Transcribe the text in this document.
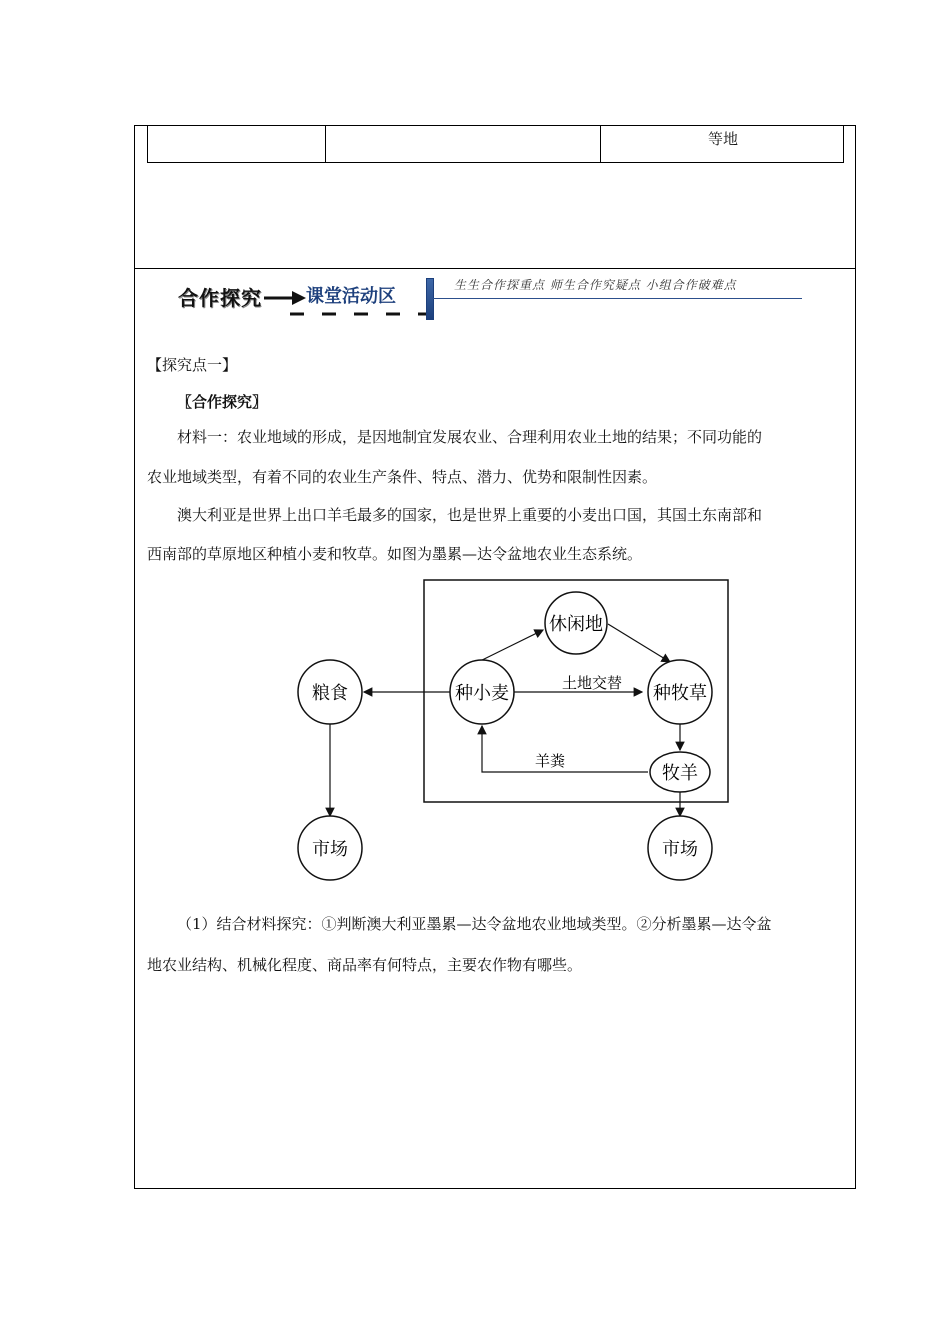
等地
合作探究 课堂活动区
生生合作探重点 师生合作究疑点 小组合作破难点
【探究点一】
〖合作探究〗
材料一：农业地域的形成，是因地制宜发展农业、合理利用农业土地的结果；不同功能的
农业地域类型，有着不同的农业生产条件、特点、潜力、优势和限制性因素。
澳大利亚是世界上出口羊毛最多的国家，也是世界上重要的小麦出口国，其国土东南部和
西南部的草原地区种植小麦和牧草。如图为墨累—达令盆地农业生态系统。
休闲地
种小麦	种牧草
粮食
牧羊
市场	市场
土地交替
羊粪
（1）结合材料探究：①判断澳大利亚墨累—达令盆地农业地域类型。②分析墨累—达令盆
地农业结构、机械化程度、商品率有何特点，主要农作物有哪些。
